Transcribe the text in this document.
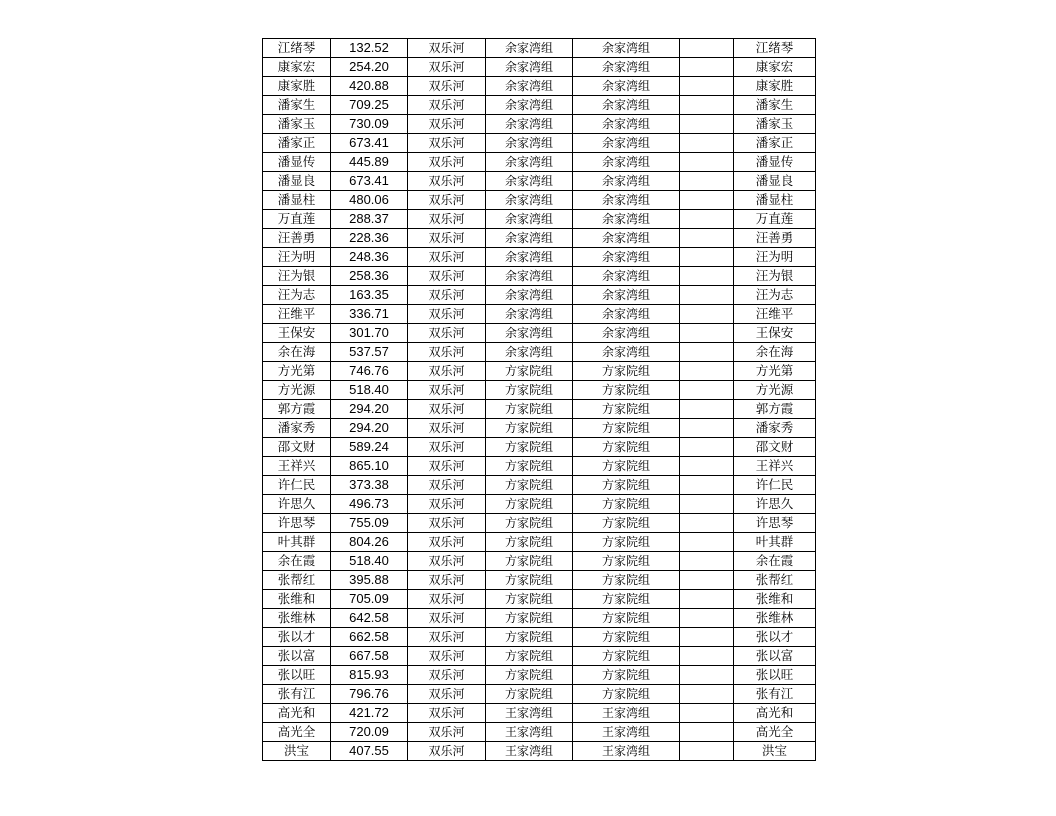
江绪琴	132.52	双乐河	余家湾组	余家湾组		江绪琴
康家宏	254.20	双乐河	余家湾组	余家湾组		康家宏
康家胜	420.88	双乐河	余家湾组	余家湾组		康家胜
潘家生	709.25	双乐河	余家湾组	余家湾组		潘家生
潘家玉	730.09	双乐河	余家湾组	余家湾组		潘家玉
潘家正	673.41	双乐河	余家湾组	余家湾组		潘家正
潘显传	445.89	双乐河	余家湾组	余家湾组		潘显传
潘显良	673.41	双乐河	余家湾组	余家湾组		潘显良
潘显柱	480.06	双乐河	余家湾组	余家湾组		潘显柱
万直莲	288.37	双乐河	余家湾组	余家湾组		万直莲
汪善勇	228.36	双乐河	余家湾组	余家湾组		汪善勇
汪为明	248.36	双乐河	余家湾组	余家湾组		汪为明
汪为银	258.36	双乐河	余家湾组	余家湾组		汪为银
汪为志	163.35	双乐河	余家湾组	余家湾组		汪为志
汪维平	336.71	双乐河	余家湾组	余家湾组		汪维平
王保安	301.70	双乐河	余家湾组	余家湾组		王保安
余在海	537.57	双乐河	余家湾组	余家湾组		余在海
方光第	746.76	双乐河	方家院组	方家院组		方光第
方光源	518.40	双乐河	方家院组	方家院组		方光源
郭方霞	294.20	双乐河	方家院组	方家院组		郭方霞
潘家秀	294.20	双乐河	方家院组	方家院组		潘家秀
邵文财	589.24	双乐河	方家院组	方家院组		邵文财
王祥兴	865.10	双乐河	方家院组	方家院组		王祥兴
许仁民	373.38	双乐河	方家院组	方家院组		许仁民
许思久	496.73	双乐河	方家院组	方家院组		许思久
许思琴	755.09	双乐河	方家院组	方家院组		许思琴
叶其群	804.26	双乐河	方家院组	方家院组		叶其群
余在霞	518.40	双乐河	方家院组	方家院组		余在霞
张帮红	395.88	双乐河	方家院组	方家院组		张帮红
张维和	705.09	双乐河	方家院组	方家院组		张维和
张维林	642.58	双乐河	方家院组	方家院组		张维林
张以才	662.58	双乐河	方家院组	方家院组		张以才
张以富	667.58	双乐河	方家院组	方家院组		张以富
张以旺	815.93	双乐河	方家院组	方家院组		张以旺
张有江	796.76	双乐河	方家院组	方家院组		张有江
高光和	421.72	双乐河	王家湾组	王家湾组		高光和
高光全	720.09	双乐河	王家湾组	王家湾组		高光全
洪宝	407.55	双乐河	王家湾组	王家湾组		洪宝
